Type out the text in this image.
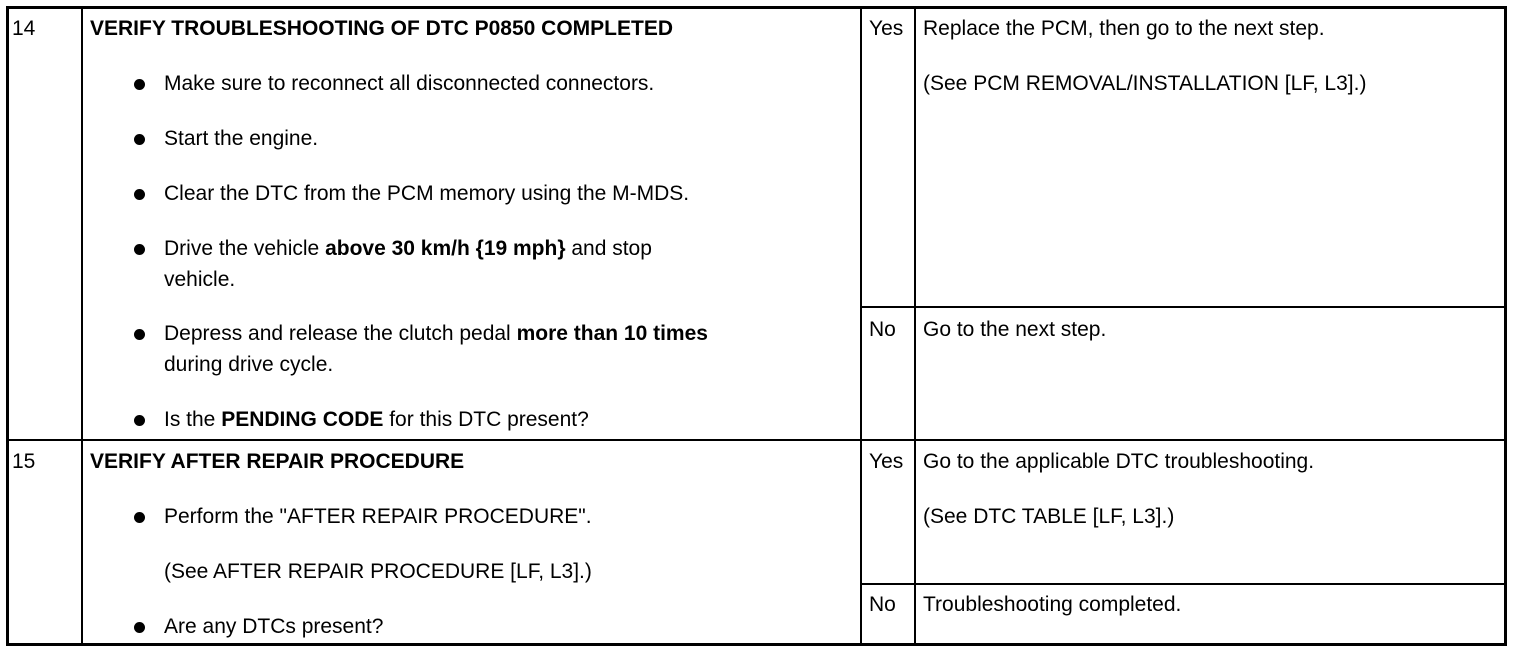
14	VERIFY TROUBLESHOOTING OF DTC P0850 COMPLETED
Make sure to reconnect all disconnected connectors.
Start the engine.
Clear the DTC from the PCM memory using the M-MDS.
Drive the vehicle above 30 km/h {19 mph} and stop
vehicle.
Depress and release the clutch pedal more than 10 times
during drive cycle.
Is the PENDING CODE for this DTC present?
Yes Replace the PCM, then go to the next step.
(See PCM REMOVAL/INSTALLATION [LF, L3].)
No Go to the next step.
15	VERIFY AFTER REPAIR PROCEDURE
Perform the "AFTER REPAIR PROCEDURE".
(See AFTER REPAIR PROCEDURE [LF, L3].)
Are any DTCs present?
Yes Go to the applicable DTC troubleshooting.
(See DTC TABLE [LF, L3].)
No Troubleshooting completed.
